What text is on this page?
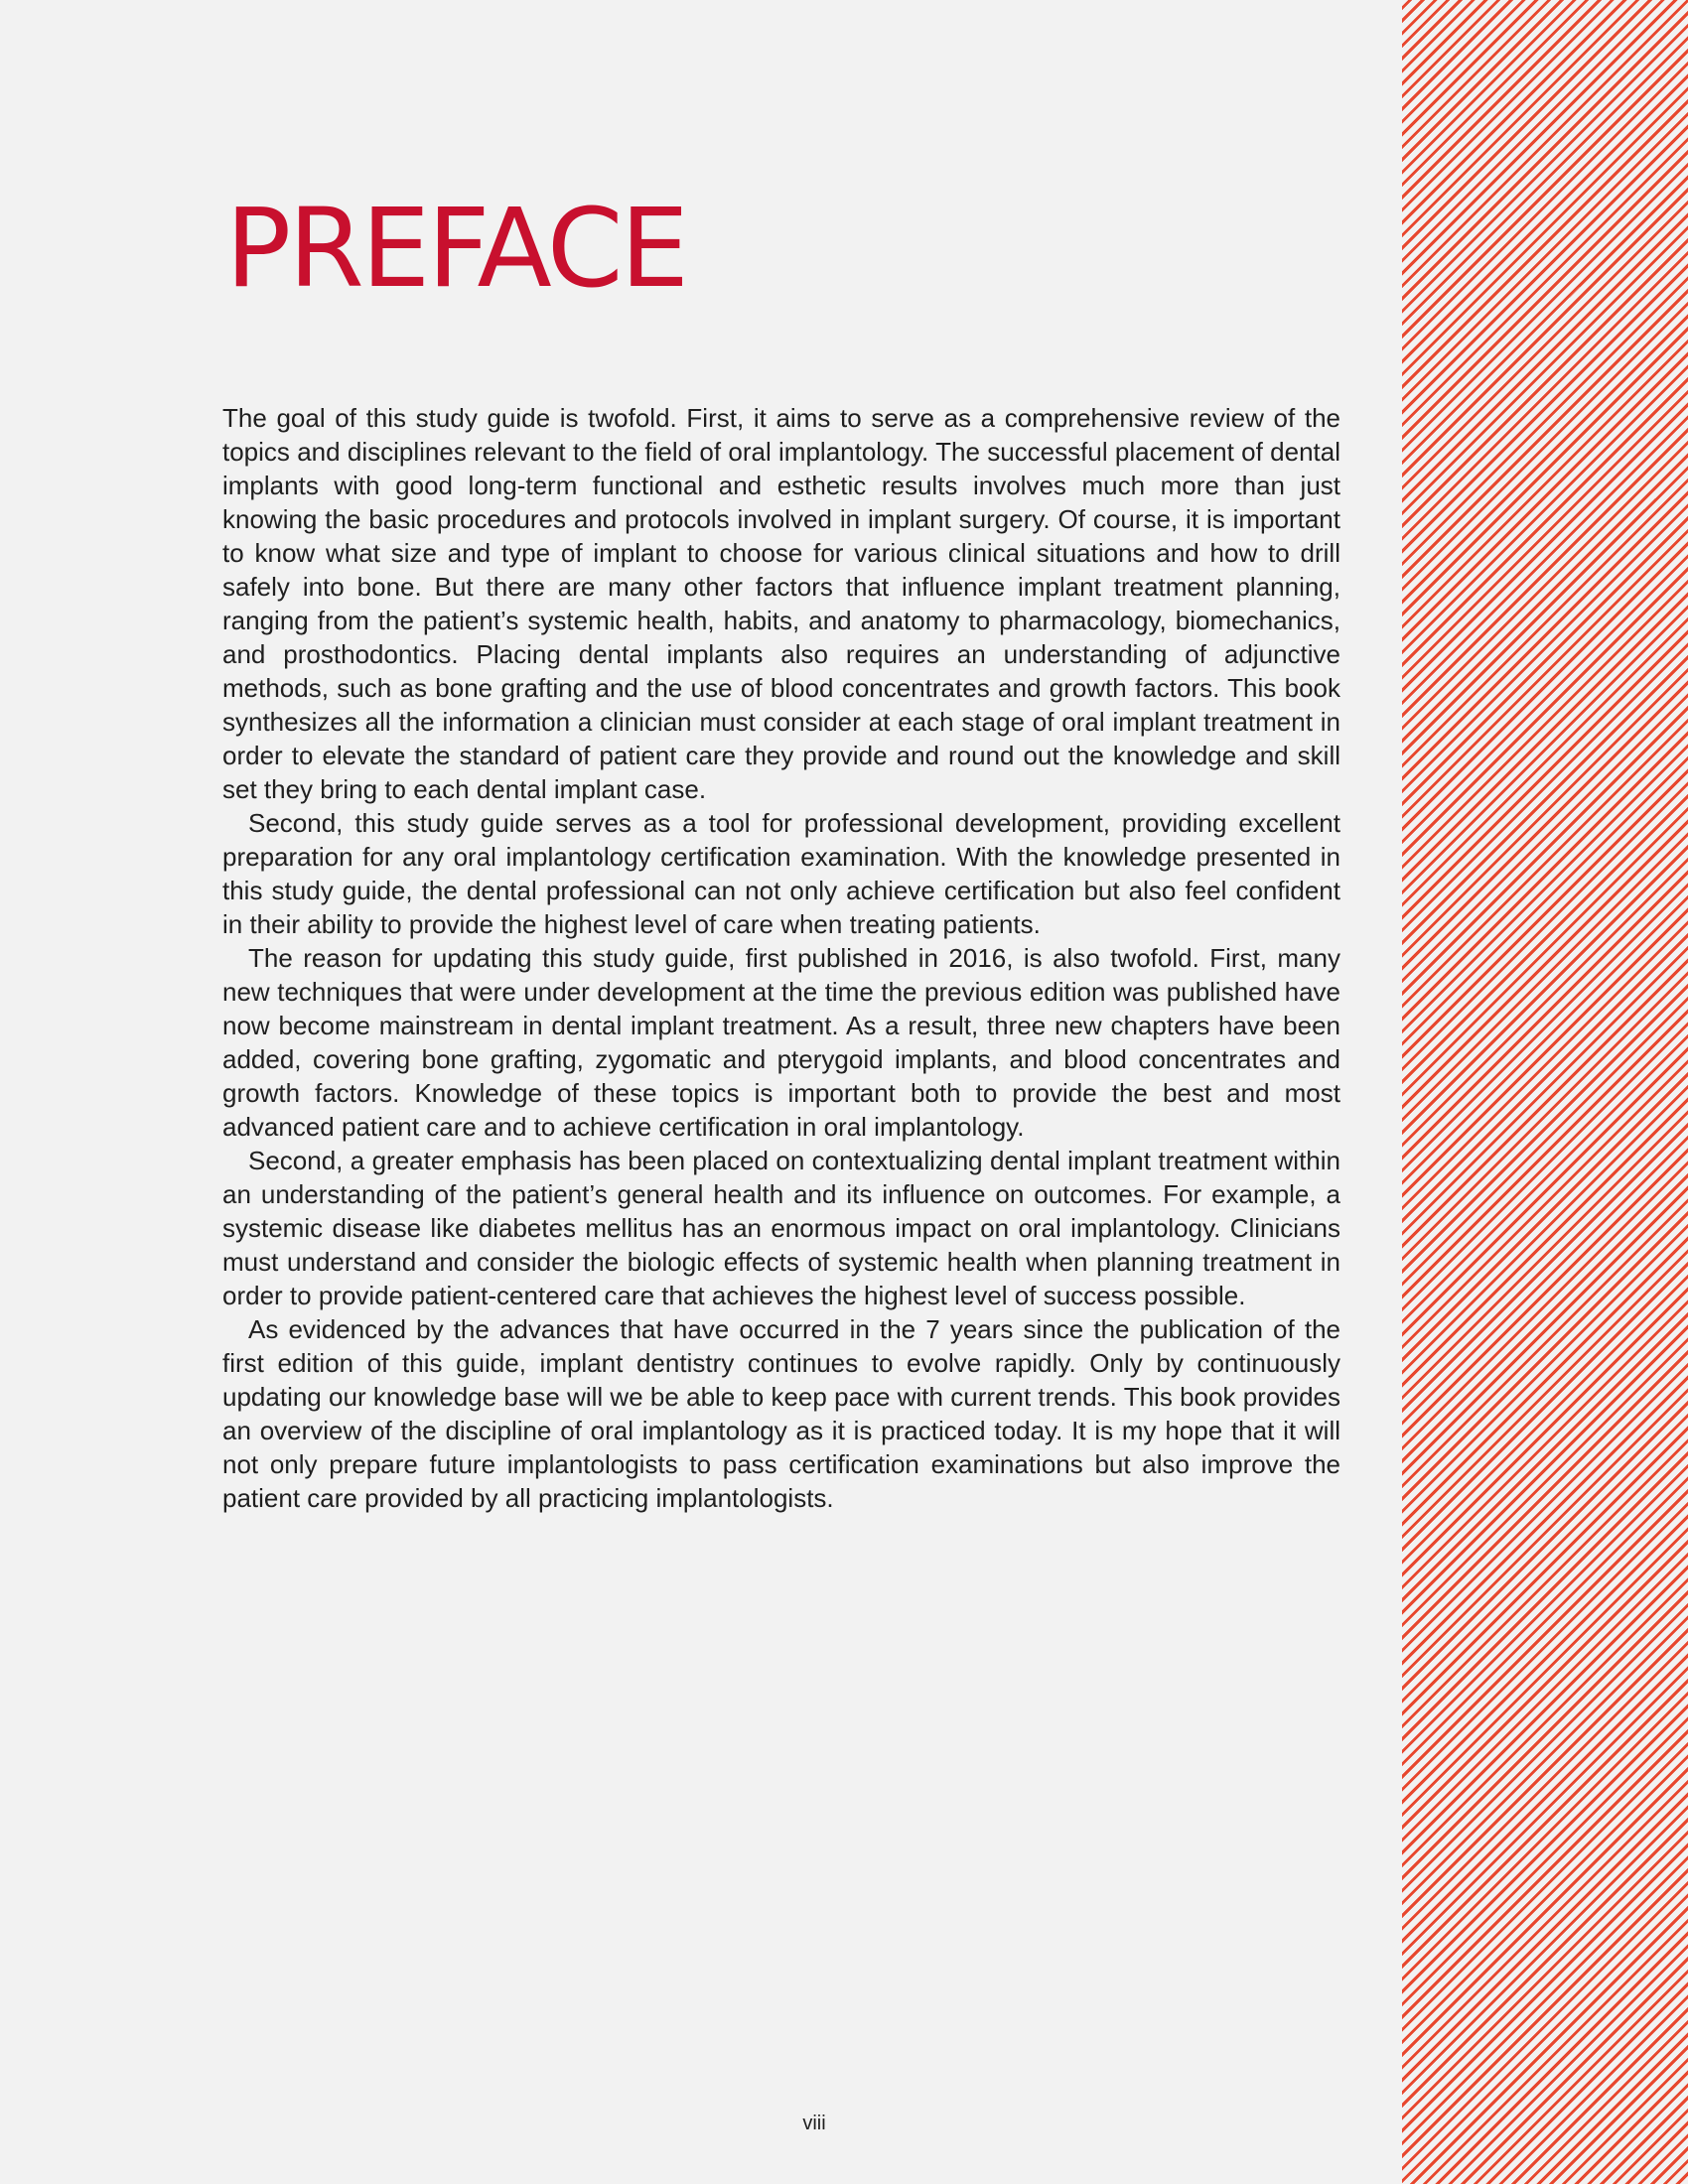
PREFACE

The goal of this study guide is twofold. First, it aims to serve as a comprehensive review of the topics and disciplines relevant to the field of oral implantology. The successful placement of dental implants with good long-term functional and esthetic results involves much more than just knowing the basic procedures and protocols involved in implant surgery. Of course, it is important to know what size and type of implant to choose for various clinical situations and how to drill safely into bone. But there are many other factors that influence implant treatment planning, ranging from the patient’s systemic health, habits, and anatomy to pharmacology, biomechanics, and prosthodontics. Placing dental implants also requires an understanding of adjunctive methods, such as bone grafting and the use of blood concentrates and growth factors. This book synthesizes all the information a clinician must consider at each stage of oral implant treatment in order to elevate the standard of patient care they provide and round out the knowledge and skill set they bring to each dental implant case.

Second, this study guide serves as a tool for professional development, providing excellent preparation for any oral implantology certification examination. With the knowledge presented in this study guide, the dental professional can not only achieve certification but also feel confident in their ability to provide the highest level of care when treating patients.

The reason for updating this study guide, first published in 2016, is also twofold. First, many new techniques that were under development at the time the previous edition was published have now become mainstream in dental implant treatment. As a result, three new chapters have been added, covering bone grafting, zygomatic and pterygoid implants, and blood concentrates and growth factors. Knowledge of these topics is important both to provide the best and most advanced patient care and to achieve certification in oral implantology.

Second, a greater emphasis has been placed on contextualizing dental implant treatment within an understanding of the patient’s general health and its influence on outcomes. For example, a systemic disease like diabetes mellitus has an enormous impact on oral implantology. Clinicians must understand and consider the biologic effects of systemic health when planning treatment in order to provide patient-centered care that achieves the highest level of success possible.

As evidenced by the advances that have occurred in the 7 years since the publication of the first edition of this guide, implant dentistry continues to evolve rapidly. Only by continuously updating our knowledge base will we be able to keep pace with current trends. This book provides an overview of the discipline of oral implantology as it is practiced today. It is my hope that it will not only prepare future implantologists to pass certification examinations but also improve the patient care provided by all practicing implantologists.

viii
